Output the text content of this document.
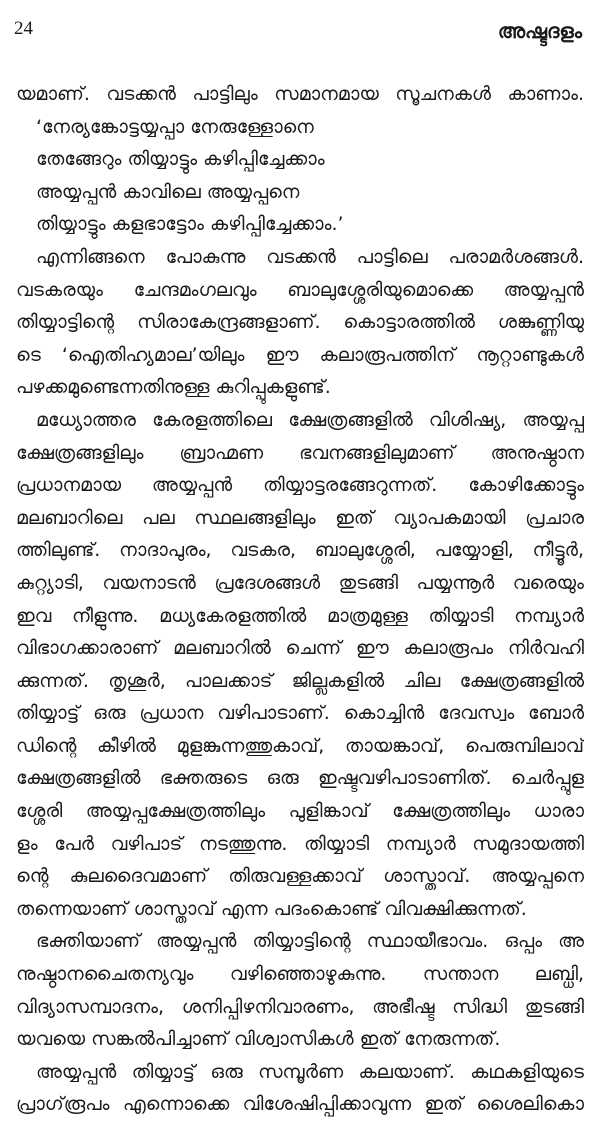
24	അഷ്ടദളം
യമാണ്. വടക്കൻ പാട്ടിലും സമാനമായ സൂചനകൾ കാണാം.
‘നേര്യങ്കോട്ടയ്യപ്പാ നേരുള്ളോനെ
തേങ്ങേറും തിയ്യാട്ടും കഴിപ്പിച്ചേക്കാം
അയ്യപ്പൻ കാവിലെ അയ്യപ്പനെ
തിയ്യാട്ടും കളഭാട്ടോം കഴിപ്പിച്ചേക്കാം.’
എന്നിങ്ങനെ പോകുന്നു വടക്കൻ പാട്ടിലെ പരാമർശങ്ങൾ.
വടകരയും ചേന്ദമംഗലവും ബാലുശ്ശേരിയുമൊക്കെ അയ്യപ്പൻ
തിയ്യാട്ടിന്റെ സിരാകേന്ദ്രങ്ങളാണ്. കൊട്ടാരത്തിൽ ശങ്കുണ്ണിയു
ടെ ‘ഐതിഹ്യമാല’യിലും ഈ കലാരൂപത്തിന് നൂറ്റാണ്ടുകൾ
പഴക്കമുണ്ടെന്നതിനുള്ള കുറിപ്പുകളുണ്ട്.
മധ്യോത്തര കേരളത്തിലെ ക്ഷേത്രങ്ങളിൽ വിശിഷ്യ, അയ്യപ്പ
ക്ഷേത്രങ്ങളിലും ബ്രാഹ്മണ ഭവനങ്ങളിലുമാണ് അനുഷ്ഠാന
പ്രധാനമായ അയ്യപ്പൻ തിയ്യാട്ടരങ്ങേറുന്നത്. കോഴിക്കോട്ടും
മലബാറിലെ പല സ്ഥലങ്ങളിലും ഇത് വ്യാപകമായി പ്രചാര
ത്തിലുണ്ട്. നാദാപുരം, വടകര, ബാലുശ്ശേരി, പയ്യോളി, നീട്ടൂർ,
കുറ്റ്യാടി, വയനാടൻ പ്രദേശങ്ങൾ തുടങ്ങി പയ്യന്നൂർ വരെയും
ഇവ നീളുന്നു. മധ്യകേരളത്തിൽ മാത്രമുള്ള തിയ്യാടി നമ്പ്യാർ
വിഭാഗക്കാരാണ് മലബാറിൽ ചെന്ന് ഈ കലാരൂപം നിർവഹി
ക്കുന്നത്. തൃശൂർ, പാലക്കാട് ജില്ലകളിൽ ചില ക്ഷേത്രങ്ങളിൽ
തിയ്യാട്ട് ഒരു പ്രധാന വഴിപാടാണ്. കൊച്ചിൻ ദേവസ്വം ബോർ
ഡിന്റെ കീഴിൽ മുളങ്കുന്നത്തുകാവ്, തായങ്കാവ്, പെരുമ്പിലാവ്
ക്ഷേത്രങ്ങളിൽ ഭക്തരുടെ ഒരു ഇഷ്ടവഴിപാടാണിത്. ചെർപ്പുള
ശ്ശേരി അയ്യപ്പക്ഷേത്രത്തിലും പുളിങ്കാവ് ക്ഷേത്രത്തിലും ധാരാ
ളം പേർ വഴിപാട് നടത്തുന്നു. തിയ്യാടി നമ്പ്യാർ സമുദായത്തി
ന്റെ കുലദൈവമാണ് തിരുവള്ളക്കാവ് ശാസ്താവ്. അയ്യപ്പനെ
തന്നെയാണ് ശാസ്താവ് എന്ന പദംകൊണ്ട് വിവക്ഷിക്കുന്നത്.
ഭക്തിയാണ് അയ്യപ്പൻ തിയ്യാട്ടിന്റെ സ്ഥായീഭാവം. ഒപ്പം അ
നുഷ്ഠാനചൈതന്യവും വഴിഞ്ഞൊഴുകുന്നു. സന്താന ലബ്ധി,
വിദ്യാസമ്പാദനം, ശനിപ്പിഴനിവാരണം, അഭീഷ്ട സിദ്ധി തുടങ്ങി
യവയെ സങ്കൽപിച്ചാണ് വിശ്വാസികൾ ഇത് നേരുന്നത്.
അയ്യപ്പൻ തിയ്യാട്ട് ഒരു സമ്പൂർണ കലയാണ്. കഥകളിയുടെ
പ്രാഗ്‌രൂപം എന്നൊക്കെ വിശേഷിപ്പിക്കാവുന്ന ഇത് ശൈലികൊ
